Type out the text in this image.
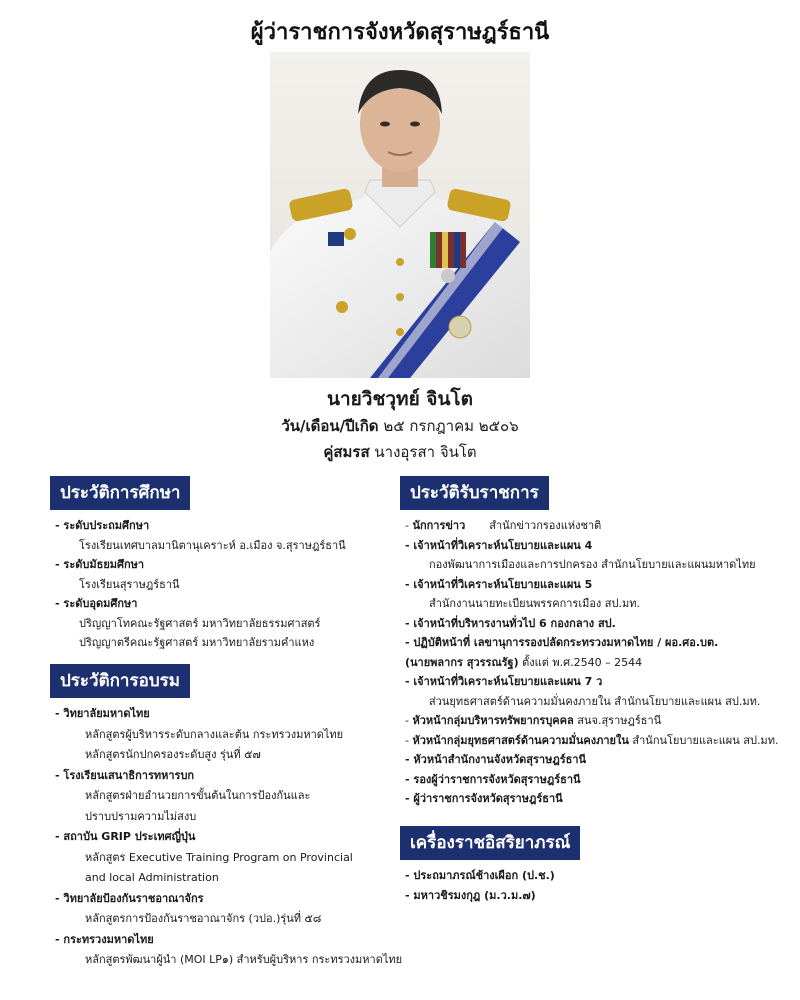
ผู้ว่าราชการจังหวัดสุราษฎร์ธานี
นายวิชวุทย์ จินโต
วัน/เดือน/ปีเกิด ๒๕ กรกฎาคม ๒๕๐๖
คู่สมรส นางอุรสา จินโต
ประวัติการศึกษา
- ระดับประถมศึกษา
โรงเรียนเทศบาลมานิตานุเคราะห์ อ.เมือง จ.สุราษฎร์ธานี
- ระดับมัธยมศึกษา
โรงเรียนสุราษฎร์ธานี
- ระดับอุดมศึกษา
ปริญญาโทคณะรัฐศาสตร์ มหาวิทยาลัยธรรมศาสตร์
ปริญญาตรีคณะรัฐศาสตร์ มหาวิทยาลัยรามคำแหง
ประวัติการอบรม
- วิทยาลัยมหาดไทย
หลักสูตรผู้บริหารระดับกลางและต้น กระทรวงมหาดไทย
หลักสูตรนักปกครองระดับสูง รุ่นที่ ๕๗
- โรงเรียนเสนาธิการทหารบก
หลักสูตรฝ่ายอำนวยการขั้นต้นในการป้องกันและ
ปราบปรามความไม่สงบ
- สถาบัน GRIP ประเทศญี่ปุ่น
หลักสูตร Executive Training Program on Provincial
and local Administration
- วิทยาลัยป้องกันราชอาณาจักร
หลักสูตรการป้องกันราชอาณาจักร (วปอ.)รุ่นที่ ๕๘
- กระทรวงมหาดไทย
หลักสูตรพัฒนาผู้นำ (MOI LP๑) สำหรับผู้บริหาร กระทรวงมหาดไทย
ประวัติรับราชการ
- นักการข่าว สำนักข่าวกรองแห่งชาติ
- เจ้าหน้าที่วิเคราะห์นโยบายและแผน 4
กองพัฒนาการเมืองและการปกครอง สำนักนโยบายและแผนมหาดไทย
- เจ้าหน้าที่วิเคราะห์นโยบายและแผน 5
สำนักงานนายทะเบียนพรรคการเมือง สป.มท.
- เจ้าหน้าที่บริหารงานทั่วไป 6 กองกลาง สป.
- ปฏิบัติหน้าที่ เลขานุการรองปลัดกระทรวงมหาดไทย / ผอ.ศอ.บต.
(นายพลากร สุวรรณรัฐ) ตั้งแต่ พ.ศ.2540 – 2544
- เจ้าหน้าที่วิเคราะห์นโยบายและแผน 7 ว
ส่วนยุทธศาสตร์ด้านความมั่นคงภายใน สำนักนโยบายและแผน สป.มท.
- หัวหน้ากลุ่มบริหารทรัพยากรบุคคล สนจ.สุราษฎร์ธานี
- หัวหน้ากลุ่มยุทธศาสตร์ด้านความมั่นคงภายใน สำนักนโยบายและแผน สป.มท.
- หัวหน้าสำนักงานจังหวัดสุราษฎร์ธานี
- รองผู้ว่าราชการจังหวัดสุราษฎร์ธานี
- ผู้ว่าราชการจังหวัดสุราษฎร์ธานี
เครื่องราชอิสริยาภรณ์
- ประถมาภรณ์ช้างเผือก (ป.ช.)
- มหาวชิรมงกุฎ (ม.ว.ม.๗)
